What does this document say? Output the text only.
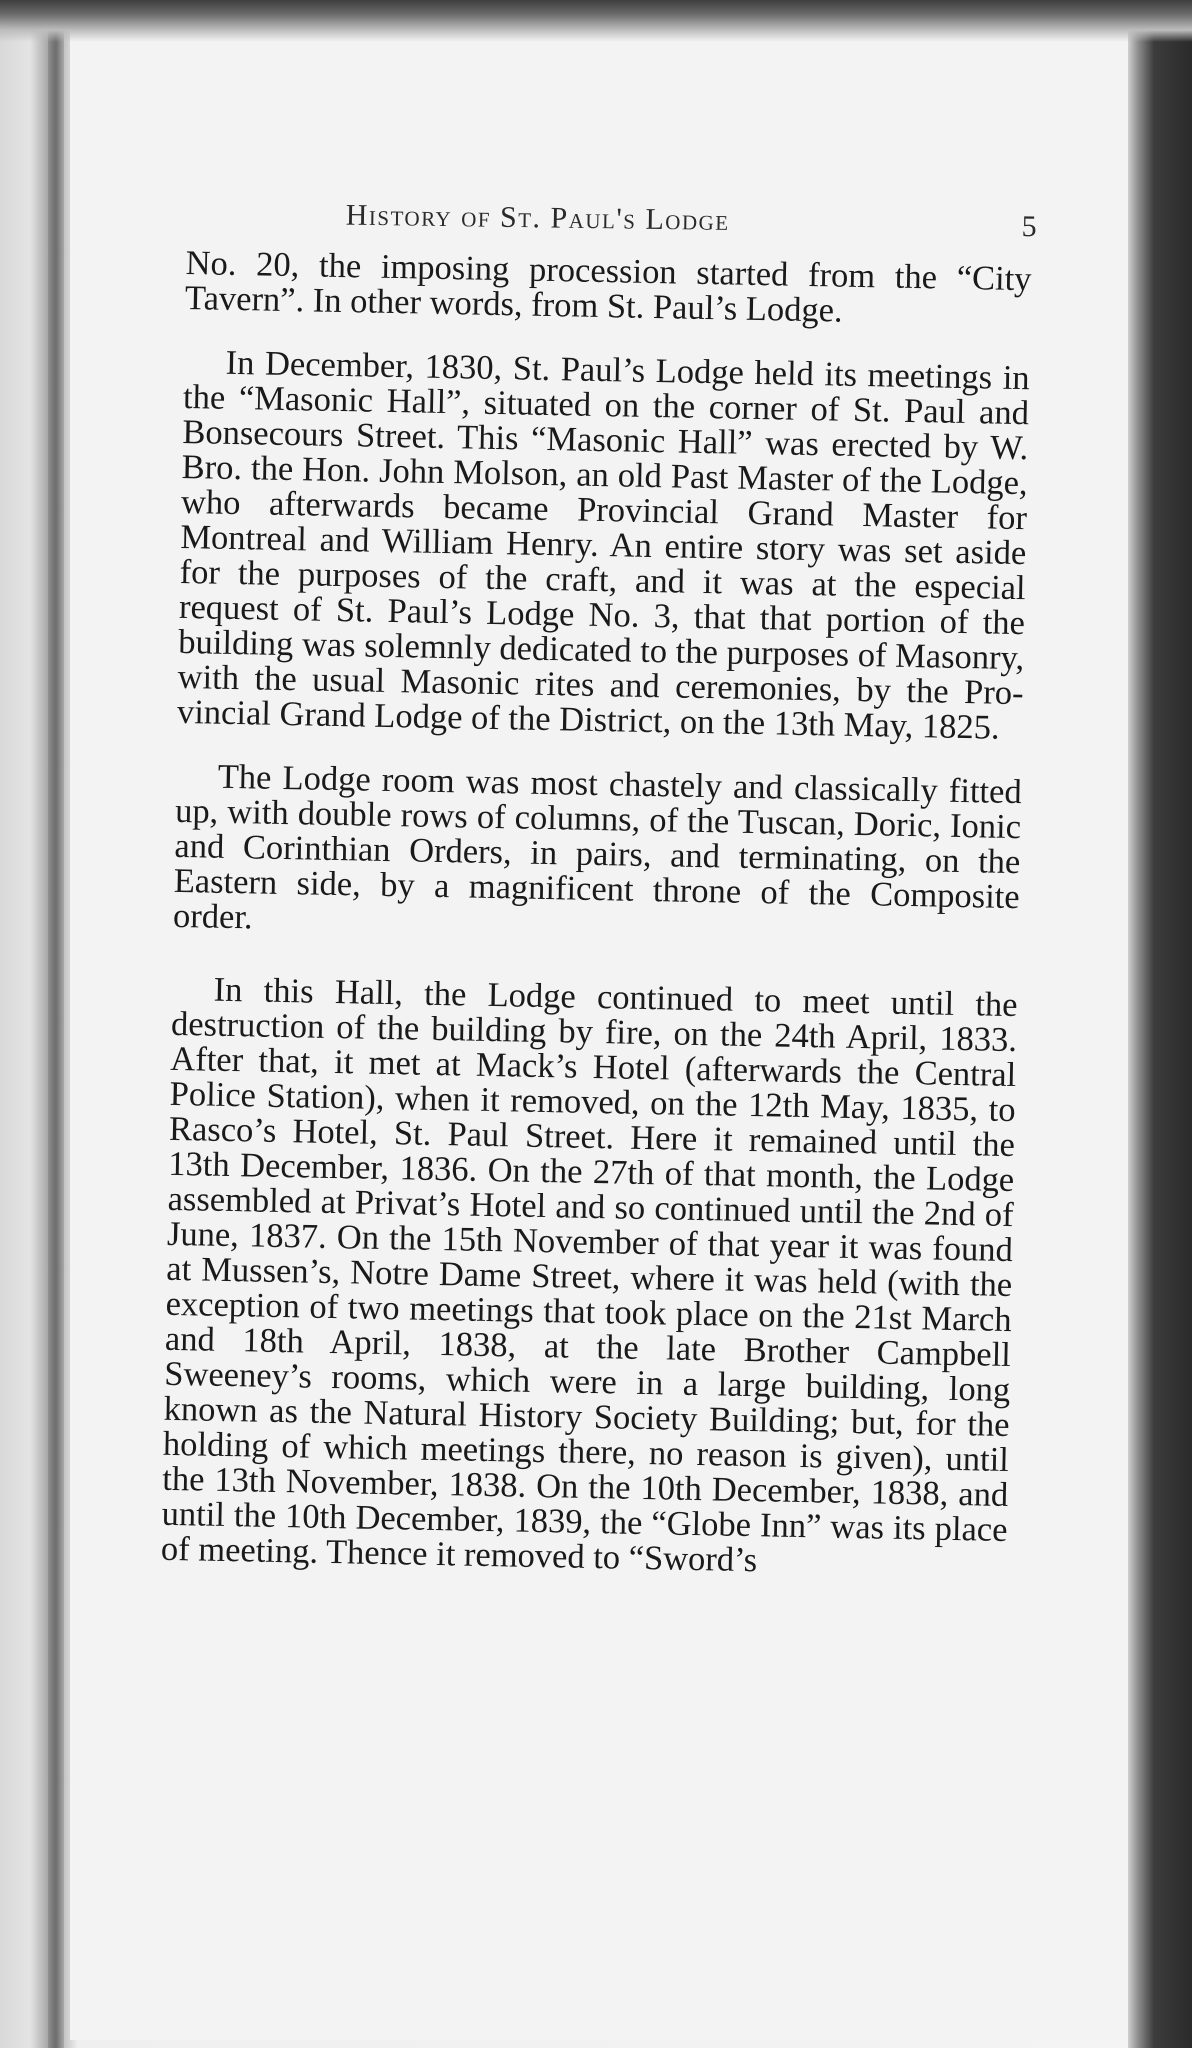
History of St. Paul's Lodge	5

No. 20, the imposing procession started from the “City Tavern”. In other words, from St. Paul’s Lodge.

In December, 1830, St. Paul’s Lodge held its meetings in the “Masonic Hall”, situated on the corner of St. Paul and Bonsecours Street. This “Masonic Hall” was erected by W. Bro. the Hon. John Molson, an old Past Master of the Lodge, who afterwards became Provincial Grand Master for Montreal and William Henry. An entire story was set aside for the purposes of the craft, and it was at the especial request of St. Paul’s Lodge No. 3, that that portion of the building was solemnly dedicated to the purposes of Masonry, with the usual Masonic rites and ceremonies, by the Provincial Grand Lodge of the District, on the 13th May, 1825.

The Lodge room was most chastely and classically fitted up, with double rows of columns, of the Tuscan, Doric, Ionic and Corinthian Orders, in pairs, and terminating, on the Eastern side, by a magnificent throne of the Composite order.

In this Hall, the Lodge continued to meet until the destruction of the building by fire, on the 24th April, 1833. After that, it met at Mack’s Hotel (afterwards the Central Police Station), when it removed, on the 12th May, 1835, to Rasco’s Hotel, St. Paul Street. Here it remained until the 13th December, 1836. On the 27th of that month, the Lodge assembled at Privat’s Hotel and so continued until the 2nd of June, 1837. On the 15th November of that year it was found at Mussen’s, Notre Dame Street, where it was held (with the exception of two meetings that took place on the 21st March and 18th April, 1838, at the late Brother Campbell Sweeney’s rooms, which were in a large building, long known as the Natural History Society Building; but, for the holding of which meetings there, no reason is given), until the 13th November, 1838. On the 10th December, 1838, and until the 10th December, 1839, the “Globe Inn” was its place of meeting. Thence it removed to “Sword’s
